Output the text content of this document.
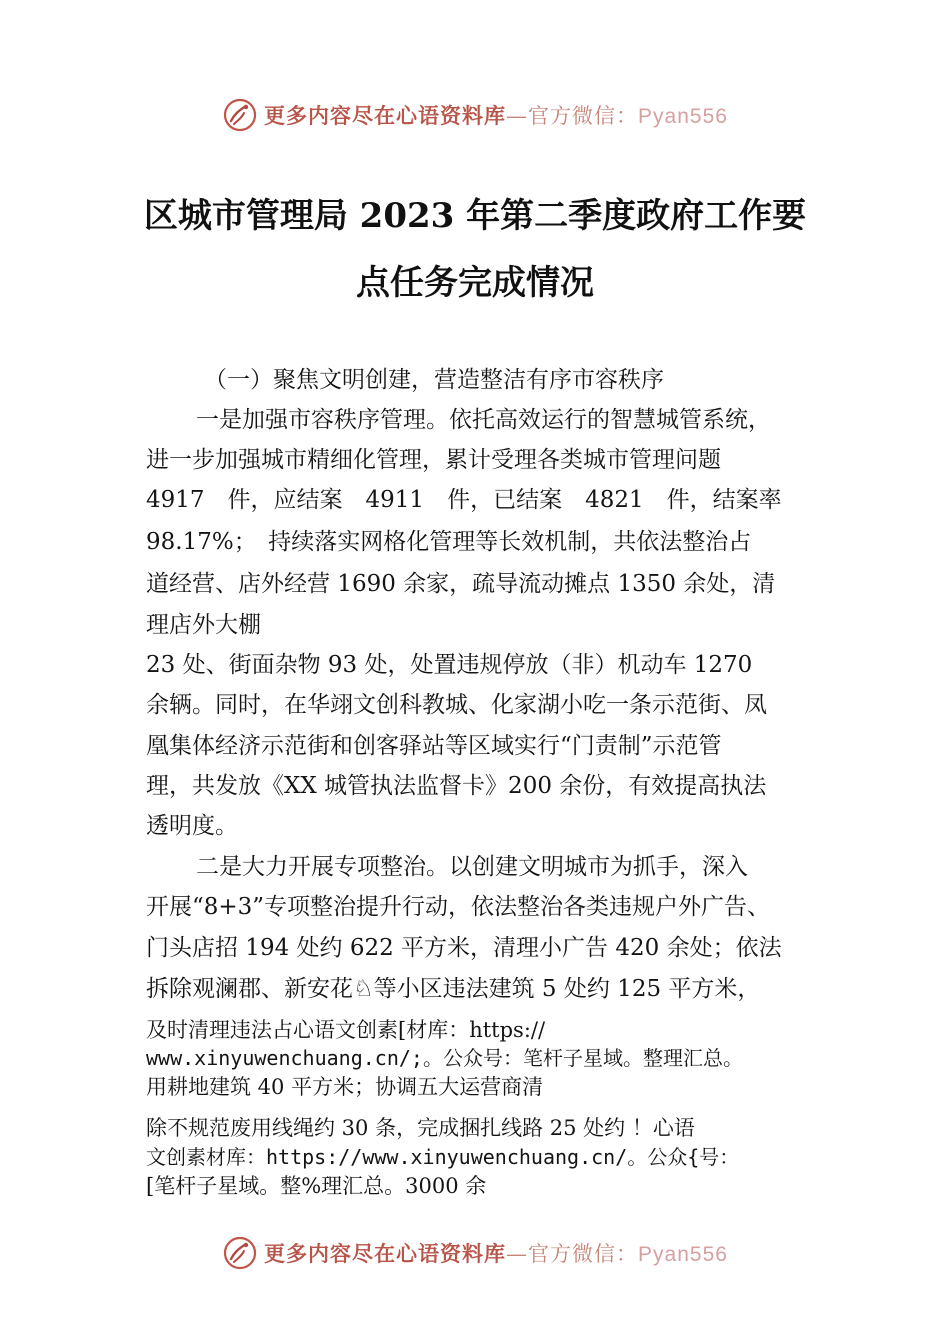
更多内容尽在心语资料库—官方微信：Pyan556
区城市管理局 2023 年第二季度政府工作要
点任务完成情况

（一）聚焦文明创建，营造整洁有序市容秩序

一是加强市容秩序管理。依托高效运行的智慧城管系统，

进一步加强城市精细化管理，累计受理各类城市管理问题

4917　件，应结案　4911　件，已结案　4821　件，结案率

98.17%；　持续落实网格化管理等长效机制，共依法整治占

道经营、店外经营 1690 余家，疏导流动摊点 1350 余处，清

理店外大棚

23 处、街面杂物 93 处，处置违规停放（非）机动车 1270

余辆。同时，在华翊文创科教城、化家湖小吃一条示范街、凤

凰集体经济示范街和创客驿站等区域实行“门责制”示范管

理，共发放《XX 城管执法监督卡》200 余份，有效提高执法

透明度。

二是大力开展专项整治。以创建文明城市为抓手，深入

开展“8+3”专项整治提升行动，依法整治各类违规户外广告、

门头店招 194 处约 622 平方米，清理小广告 420 余处；依法

拆除观澜郡、新安花♘等小区违法建筑 5 处约 125 平方米，

及时清理违法占心语文创素[材库：https://

www.xinyuwenchuang.cn/;。公众号：笔杆子星域。整理汇总。

用耕地建筑 40 平方米；协调五大运营商清

除不规范废用线绳约 30 条，完成捆扎线路 25 处约 ！心语

文创素材库：https://www.xinyuwenchuang.cn/。公众{号：

[笔杆子星域。整%理汇总。3000 余

更多内容尽在心语资料库—官方微信：Pyan556
